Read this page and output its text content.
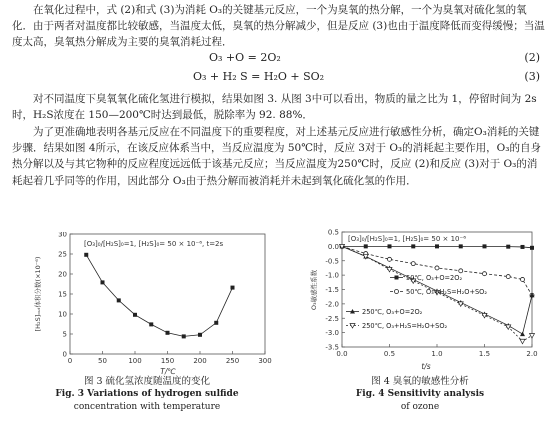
在氧化过程中，式 (2)和式 (3)为消耗 O₃的关键基元反应，一个为臭氧的热分解，一个为臭氧对硫化氢的氧化．由于两者对温度都比较敏感，当温度太低，臭氧的热分解减少，但是反应 (3)也由于温度降低而变得缓慢；当温度太高，臭氧热分解成为主要的臭氧消耗过程．

O₃ +O = 2O₂	(2)
O₃ + H₂ S = H₂O + SO₂	(3)

对不同温度下臭氧氧化硫化氢进行模拟，结果如图 3. 从图 3中可以看出，物质的量之比为 1，停留时间为 2s时，H₂S浓度在 150—200℃时达到最低，脱除率为 92. 88%．

为了更准确地表明各基元反应在不同温度下的重要程度，对上述基元反应进行敏感性分析，确定O₃消耗的关键步骤．结果如图 4所示，在该反应体系当中，当反应温度为 50℃时，反应 3对于 O₃的消耗起主要作用，O₃的自身热分解以及与其它物种的反应程度远远低于该基元反应；当反应温度为250℃时，反应 (2)和反应 (3)对于 O₃的消耗起着几乎同等的作用，因此部分 O₃由于热分解而被消耗并未起到氧化硫化氢的作用．

[O₃]₀/[H₂S]₀=1, [H₂S]₀= 50 × 10⁻⁶, t=2s
[H₂S]ₒᵤₜ体积分数(×10⁻⁶)
T/℃
0	50	100	150	200	250	300
0
5
10
15
20
25
30
图 3 硫化氢浓度随温度的变化
Fig. 3 Variations of hydrogen sulfide
concentration with temperature
[O₃]₀/[H₂S]₀=1, [H₂S]₀= 50 × 10⁻⁶
O₃敏感性系数
t/s
0.0	0.5	1.0	1.5	2.0
-3.5
-3.0
-2.5
-2.0
-1.5
-1.0
-0.5
0.0
0.5
50℃, O₃+O=2O₂
50℃, O₃+H₂S=H₂O+SO₂
250℃, O₃+O=2O₂
250℃, O₃+H₂S=H₂O+SO₂
图 4 臭氧的敏感性分析
Fig. 4 Sensitivity analysis
of ozone
